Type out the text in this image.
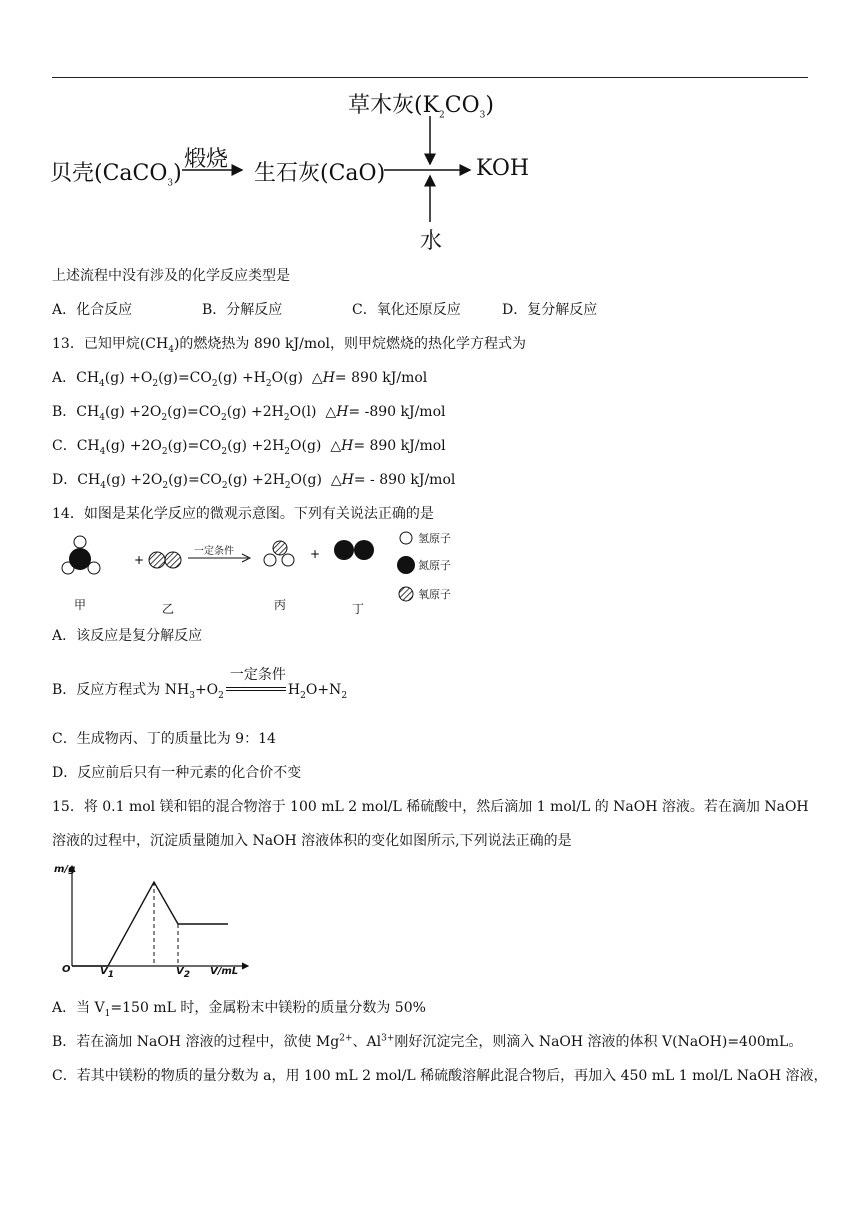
草木灰$(K_2CO_3)$
贝壳(CaCO$_3$)
煅烧
生石灰(CaO)	KOH
水
上述流程中没有涉及的化学反应类型是
A．化合反应	B．分解反应	C．氧化还原反应	D．复分解反应
13．已知甲烷$(CH_4)$的燃烧热为 890 kJ/mol，则甲烷燃烧的热化学方程式为
A．$CH_4(g) +O_2(g)=CO_2(g) +H_2O(g)$ △H= 890 kJ/mol
B．$CH_4(g) +2O_2(g)=CO_2(g) +2H_2O(l)$ △H= -890 kJ/mol
C．$CH_4(g) +2O_2(g)=CO_2(g) +2H_2O(g)$ △H= 890 kJ/mol
D．$CH_4(g) +2O_2(g)=CO_2(g) +2H_2O(g)$ △H= - 890 kJ/mol
14．如图是某化学反应的微观示意图。下列有关说法正确的是
+	+
一定条件
氢原子
氮原子
氧原子
甲	乙	丙	丁
A．该反应是复分解反应
B．反应方程式为 $NH_3+O_2$
一定条件
$H_2O+N_2$
C．生成物丙、丁的质量比为 9：14
D．反应前后只有一种元素的化合价不变
15．将 0.1 mol 镁和铝的混合物溶于 100 mL 2 mol/L 稀硫酸中，然后滴加 1 mol/L 的 NaOH 溶液。若在滴加 NaOH
溶液的过程中，沉淀质量随加入 NaOH 溶液体积的变化如图所示,下列说法正确的是
m/g
O	$V_1$	$V_2$ V/mL
A．当 $V_1=150$ mL 时，金属粉末中镁粉的质量分数为 50%
B．若在滴加 NaOH 溶液的过程中，欲使 $Mg^{2+}$、$Al^{3+}$刚好沉淀完全，则滴入 NaOH 溶液的体积 V(NaOH)=400mL。
C．若其中镁粉的物质的量分数为 a，用 100 mL 2 mol/L 稀硫酸溶解此混合物后，再加入 450 mL 1 mol/L NaOH 溶液，
